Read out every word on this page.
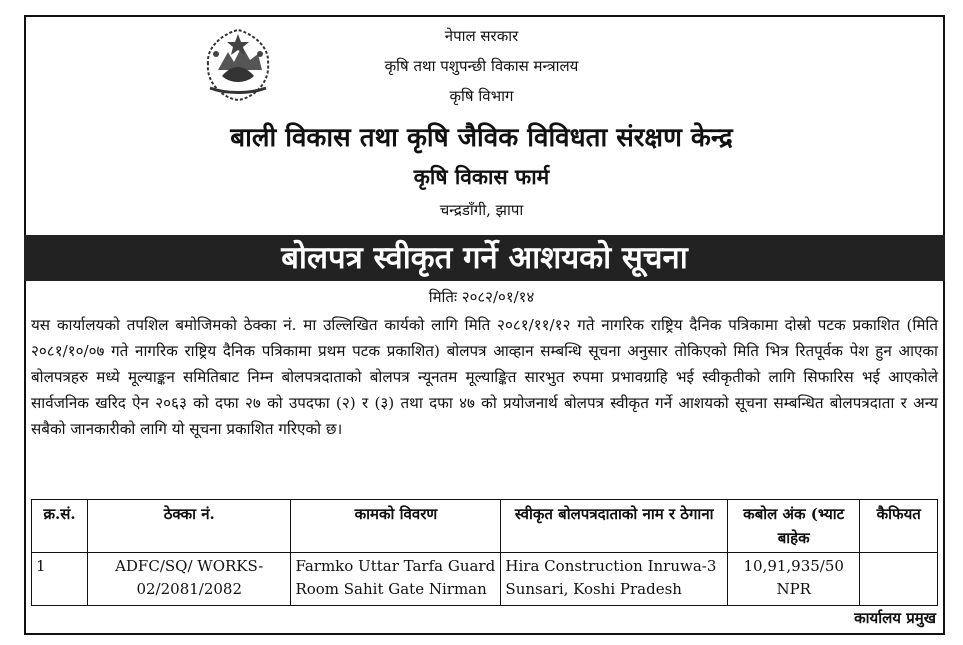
नेपाल सरकार
कृषि तथा पशुपन्छी विकास मन्त्रालय
कृषि विभाग
बाली विकास तथा कृषि जैविक विविधता संरक्षण केन्द्र
कृषि विकास फार्म
चन्द्रडाँगी, झापा
बोलपत्र स्वीकृत गर्ने आशयको सूचना
मितिः २०८२/०१/१४
यस कार्यालयको तपशिल बमोजिमको ठेक्का नं. मा उल्लिखित कार्यको लागि मिति २०८१/११/१२ गते नागरिक राष्ट्रिय दैनिक पत्रिकामा दोस्रो पटक प्रकाशित (मिति २०८१/१०/०७ गते नागरिक राष्ट्रिय दैनिक पत्रिकामा प्रथम पटक प्रकाशित) बोलपत्र आव्हान सम्बन्धि सूचना अनुसार तोकिएको मिति भित्र रितपूर्वक पेश हुन आएका बोलपत्रहरु मध्ये मूल्याङ्कन समितिबाट निम्न बोलपत्रदाताको बोलपत्र न्यूनतम मूल्याङ्कित सारभुत रुपमा प्रभावग्राहि भई स्वीकृतीको लागि सिफारिस भई आएकोले सार्वजनिक खरिद ऐन २०६३ को दफा २७ को उपदफा (२) र (३) तथा दफा ४७ को प्रयोजनार्थ बोलपत्र स्वीकृत गर्ने आशयको सूचना सम्बन्धित बोलपत्रदाता र अन्य सबैको जानकारीको लागि यो सूचना प्रकाशित गरिएको छ।
क्र.सं.	ठेक्का नं.	कामको विवरण	स्वीकृत बोलपत्रदाताको नाम र ठेगाना	कबोल अंक (भ्याट बाहेक	कैफियत
1	ADFC/SQ/ WORKS-02/2081/2082	Farmko Uttar Tarfa Guard Room Sahit Gate Nirman	Hira Construction Inruwa-3 Sunsari, Koshi Pradesh	10,91,935/50 NPR	
कार्यालय प्रमुख
